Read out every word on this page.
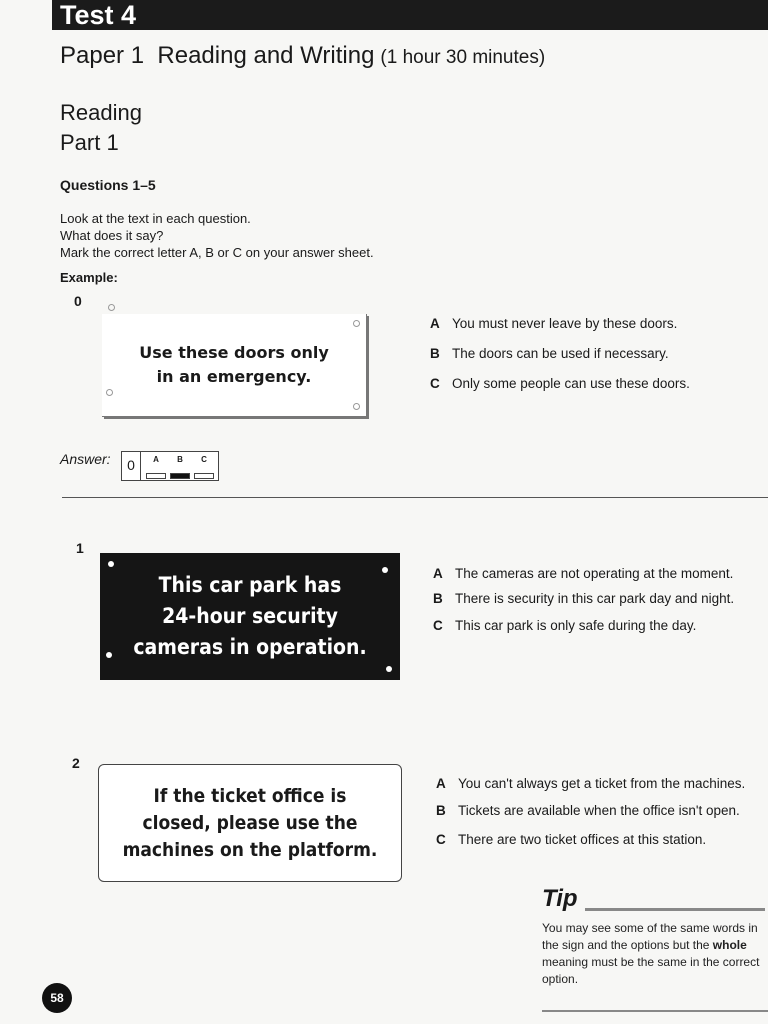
Test 4
Paper 1  Reading and Writing (1 hour 30 minutes)
Reading
Part 1
Questions 1–5
Look at the text in each question.
What does it say?
Mark the correct letter A, B or C on your answer sheet.
Example:
0
Use these doors only
in an emergency.
A You must never leave by these doors.
B The doors can be used if necessary.
C Only some people can use these doors.
Answer:	0	A	B	C
1
This car park has
24-hour security
cameras in operation.
A The cameras are not operating at the moment.
B There is security in this car park day and night.
C This car park is only safe during the day.
2
If the ticket office is
closed, please use the
machines on the platform.
A You can't always get a ticket from the machines.
B Tickets are available when the office isn't open.
C There are two ticket offices at this station.
Tip
You may see some of the same words in the sign and the options but the whole meaning must be the same in the correct option.
58
